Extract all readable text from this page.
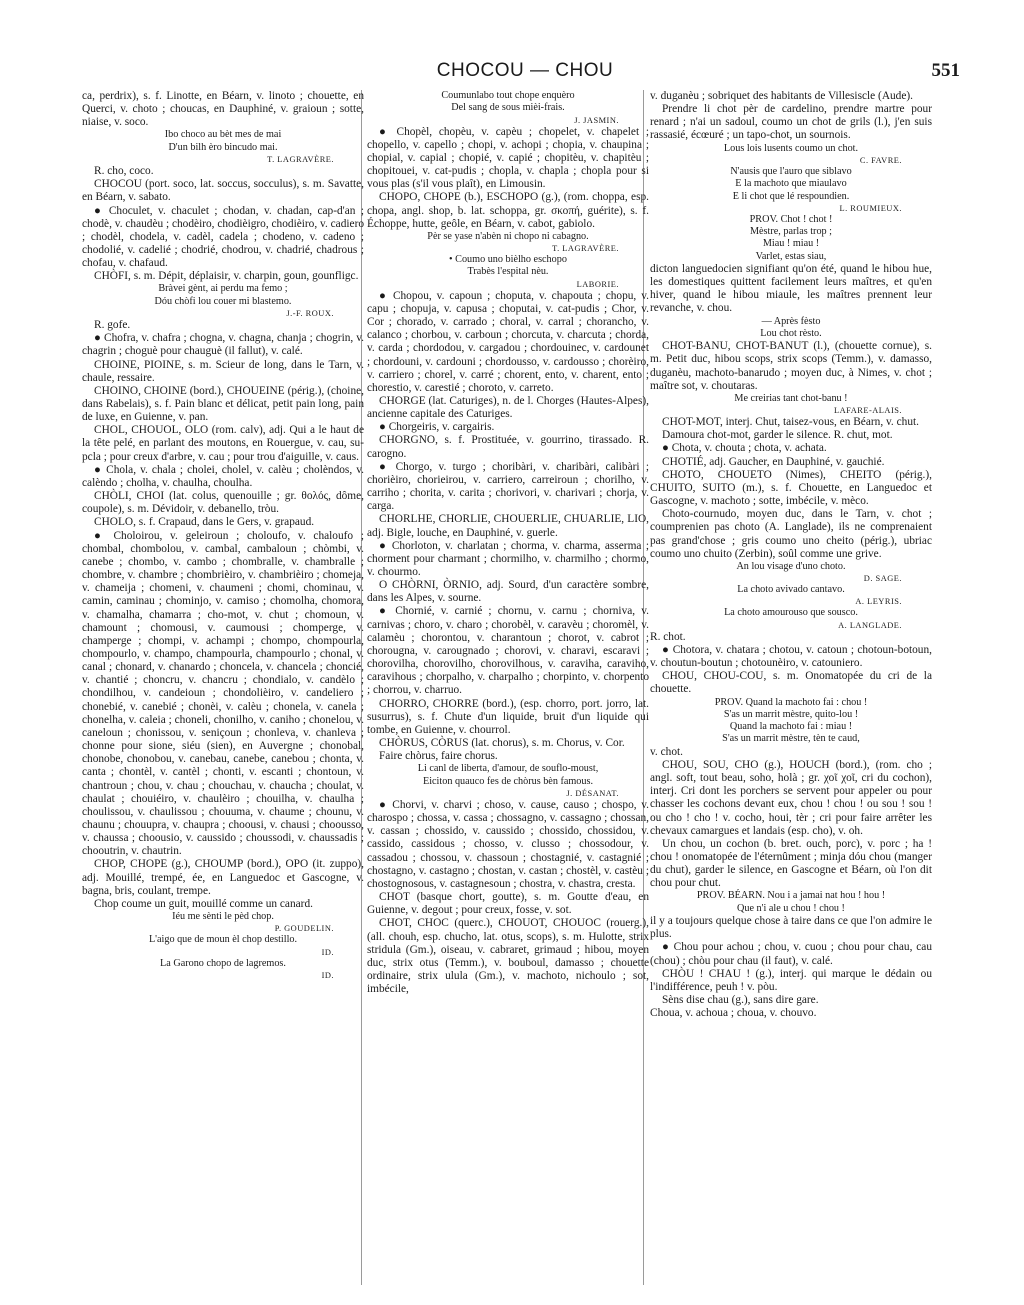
CHOCOU — CHOU	551

ca, perdrix), s. f. Linotte, en Béarn, v. linoto ; chouette, en Querci, v. choto ; choucas, en Dauphiné, v. graioun ; sotte, niaise, v. soco.

Ibo choco au bèt mes de mai

D'un bilh èro bincudo mai.

T. LAGRAVÈRE.

R. cho, coco.

CHOCOU (port. soco, lat. soccus, socculus), s. m. Savatte, en Béarn, v. sabato.

● Choculet, v. chaculet ; chodan, v. chadan, cap-d'an ; chodè, v. chaudèu ; chodèiro, chodièigro, chodièiro, v. cadiero ; chodèl, chodela, v. cadèl, cadela ; chodeno, v. cadeno ; chodolié, v. cadelié ; chodrié, chodrou, v. chadrié, chadrous ; chofau, v. chafaud.

CHÒFI, s. m. Dépit, déplaisir, v. charpin, goun, gounfligc.

Bràvei gènt, ai perdu ma femo ;

Dóu chòfi lou couer mi blastemo.

J.-F. ROUX.

R. gofe.

● Chofra, v. chafra ; chogna, v. chagna, chanja ; chogrin, v. chagrin ; choguè pour chauguè (il fallut), v. calé.

CHOINE, PIOINE, s. m. Scieur de long, dans le Tarn, v. chaule, ressaire.

CHOINO, CHOINE (bord.), CHOUEINE (périg.), (choine, dans Rabelais), s. f. Pain blanc et délicat, petit pain long, pain de luxe, en Guienne, v. pan.

CHOL, CHOUOL, OLO (rom. calv), adj. Qui a le haut de la tête pelé, en parlant des moutons, en Rouergue, v. cau, su-pcla ; pour creux d'arbre, v. cau ; pour trou d'aiguille, v. caus.

● Chola, v. chala ; cholei, cholel, v. calèu ; cholèndos, v. calèndo ; cholha, v. chaulha, choulha.

CHÒLI, CHOI (lat. colus, quenouille ; gr. θολός, dôme, coupole), s. m. Dévidoir, v. debanello, tròu.

CHOLO, s. f. Crapaud, dans le Gers, v. grapaud.

● Choloirou, v. geleiroun ; choloufo, v. chaloufo ; chombal, chombolou, v. cambal, cambaloun ; chòmbi, v. canebe ; chombo, v. cambo ; chombralle, v. chambralle ; chombre, v. chambre ; chombrièiro, v. chambrièiro ; chomeja, v. chameija ; chomeni, v. chaumeni ; chomi, chominau, v. camin, caminau ; chominjo, v. camiso ; chomolha, chomora, v. chamalha, chamarra ; cho-mot, v. chut ; chomoun, v. chamount ; chomousi, v. caumousi ; chomperge, v. champerge ; chompi, v. achampi ; chompo, chompourla, chompourlo, v. champo, champourla, champourlo ; chonal, v. canal ; chonard, v. chanardo ; choncela, v. chancela ; choncié, v. chantié ; choncru, v. chancru ; chondialo, v. candèlo ; chondilhou, v. candeioun ; chondolièiro, v. candeliero ; chonebié, v. canebié ; chonèi, v. calèu ; chonela, v. canela ; chonelha, v. caleia ; choneli, chonilho, v. caniho ; chonelou, v. caneloun ; chonissou, v. seniçoun ; chonleva, v. chanleva ; chonne pour sione, siéu (sien), en Auvergne ; chonobal, chonobe, chonobou, v. canebau, canebe, canebou ; chonta, v. canta ; chontèl, v. cantèl ; chonti, v. escanti ; chontoun, v. chantroun ; chou, v. chau ; chouchau, v. chaucha ; choulat, v. chaulat ; chouiéiro, v. chaulèiro ; chouilha, v. chaulha ; choulissou, v. chaulissou ; chouuma, v. chaume ; chounu, v. chaunu ; chouupra, v. chaupra ; choousi, v. chausi ; choousso, v. chaussa ; choousio, v. caussido ; choussodi, v. chaussadis ; chooutrin, v. chautrin.

CHOP, CHOPE (g.), CHOUMP (bord.), OPO (it. zuppo), adj. Mouillé, trempé, ée, en Languedoc et Gascogne, v. bagna, bris, coulant, trempe.

Chop coume un guit, mouillé comme un canard.

Iéu me sènti le pèd chop.

P. GOUDELIN.

L'aigo que de moun èl chop destillo.

ID.

La Garono chopo de lagremos.

ID.

Coumunlabo tout chope enquèro

Del sang de sous mièi-frais.

J. JASMIN.

● Chopèl, chopèu, v. capèu ; chopelet, v. chapelet ; chopello, v. capello ; chopi, v. achopi ; chopia, v. chaupina ; chopial, v. capial ; chopié, v. capié ; chopitèu, v. chapitèu ; chopitouei, v. cat-pudis ; chopla, v. chapla ; chopla pour si vous plas (s'il vous plaît), en Limousin.

CHOPO, CHOPE (b.), ESCHOPO (g.), (rom. choppa, esp. chopa, angl. shop, b. lat. schoppa, gr. σκοπή, guérite), s. f. Échoppe, hutte, geôle, en Béarn, v. cabot, gabiolo.

Pèr se yase n'abèn ni chopo ni cabagno.

T. LAGRAVÈRE.

• Coumo uno bièlho eschopo

Trabès l'espital nèu.

LABORIE.

● Chopou, v. capoun ; choputa, v. chapouta ; chopu, v. capu ; chopuja, v. capusa ; choputai, v. cat-pudis ; Chor, v. Cor ; chorado, v. carrado ; choral, v. carral ; chorancho, v. calanco ; chorbou, v. carboun ; chorcuta, v. charcuta ; chorda, v. carda ; chordodou, v. cargadou ; chordouinec, v. cardounet ; chordouni, v. cardouni ; chordousso, v. cardousso ; chorèiro, v. carriero ; chorel, v. carré ; chorent, ento, v. charent, ento ; chorestio, v. carestié ; choroto, v. carreto.

CHORGE (lat. Caturiges), n. de l. Chorges (Hautes-Alpes), ancienne capitale des Caturiges.

● Chorgeiris, v. cargairis.

CHORGNO, s. f. Prostituée, v. gourrino, tirassado. R. carogno.

● Chorgo, v. turgo ; choribàri, v. charibàri, calibàri ; chorièiro, chorieirou, v. carriero, carreiroun ; chorilho, v. carriho ; chorita, v. carita ; chorivori, v. charivari ; chorja, v. carga.

CHORLHE, CHORLIE, CHOUERLIE, CHUARLIE, LIO, adj. Bigle, louche, en Dauphiné, v. guerle.

● Chorloton, v. charlatan ; chorma, v. charma, asserma ; chorment pour charmant ; chormilho, v. charmilho ; chormo, v. chourmo.

O CHÒRNI, ÒRNIO, adj. Sourd, d'un caractère sombre, dans les Alpes, v. sourne.

● Chornié, v. carnié ; chornu, v. carnu ; chorniva, v. carnivas ; choro, v. charo ; chorobèl, v. caravèu ; choromèl, v. calamèu ; chorontou, v. charantoun ; chorot, v. cabrot ; chorougna, v. carougnado ; chorovi, v. charavi, escaravi ; chorovilha, chorovilho, chorovilhous, v. caraviha, caraviho, caravihous ; chorpalho, v. charpalho ; chorpinto, v. chorpento ; chorrou, v. charruo.

CHORRO, CHORRE (bord.), (esp. chorro, port. jorro, lat. susurrus), s. f. Chute d'un liquide, bruit d'un liquide qui tombe, en Guienne, v. chourrol.

CHÒRUS, CÒRUS (lat. chorus), s. m. Chorus, v. Cor.

Faire chòrus, faire chorus.

Li canl de liberta, d'amour, de souflo-moust,

Eiciton quauco fes de chòrus bèn famous.

J. DÉSANAT.

● Chorvi, v. charvi ; choso, v. cause, causo ; chospo, v. charospo ; chossa, v. cassa ; chossagno, v. cassagno ; chossan, v. cassan ; chossido, v. caussido ; chossido, chossidou, v. cassido, cassidous ; chosso, v. clusso ; chossodour, v. cassadou ; chossou, v. chassoun ; chostagnié, v. castagnié ; chostagno, v. castagno ; chostan, v. castan ; chostèl, v. castèu ; chostognosous, v. castagnesoun ; chostra, v. chastra, cresta.

CHOT (basque chort, goutte), s. m. Goutte d'eau, en Guienne, v. degout ; pour creux, fosse, v. sot.

CHOT, CHOC (querc.), CHOUOT, CHOUOC (rouerg.), (all. chouh, esp. chucho, lat. otus, scops), s. m. Hulotte, strix stridula (Gm.), oiseau, v. cabraret, grimaud ; hibou, moyen duc, strix otus (Temm.), v. bouboul, damasso ; chouette ordinaire, strix ulula (Gm.), v. machoto, nichoulo ; sot, imbécile,

v. duganèu ; sobriquet des habitants de Villesiscle (Aude).

Prendre li chot pèr de cardelino, prendre martre pour renard ; n'ai un sadoul, coumo un chot de grils (l.), j'en suis rassasié, écœuré ; un tapo-chot, un sournois.

Lous lois lusents coumo un chot.

C. FAVRE.

N'ausis que l'auro que siblavo

E la machoto que miaulavo

E li chot que lé respoundien.

L. ROUMIEUX.

PROV. Chot ! chot !

Mèstre, parlas trop ;

Miau ! miau !

Varlet, estas siau,

dicton languedocien signifiant qu'on été, quand le hibou hue, les domestiques quittent facilement leurs maîtres, et qu'en hiver, quand le hibou miaule, les maîtres prennent leur revanche, v. chou.

— Après fèsto

Lou chot rèsto.

CHOT-BANU, CHOT-BANUT (l.), (chouette cornue), s. m. Petit duc, hibou scops, strix scops (Temm.), v. damasso, duganèu, machoto-banarudo ; moyen duc, à Nimes, v. chot ; maître sot, v. choutaras.

Me creirias tant chot-banu !

LAFARE-ALAIS.

CHOT-MOT, interj. Chut, taisez-vous, en Béarn, v. chut.

Damoura chot-mot, garder le silence. R. chut, mot.

● Chota, v. chouta ; chota, v. achata.

CHOTIÉ, adj. Gaucher, en Dauphiné, v. gauchié.

CHOTO, CHOUETO (Nimes), CHEITO (périg.), CHUITO, SUITO (m.), s. f. Chouette, en Languedoc et Gascogne, v. machoto ; sotte, imbécile, v. mèco.

Choto-cournudo, moyen duc, dans le Tarn, v. chot ; coumprenien pas choto (A. Langlade), ils ne comprenaient pas grand'chose ; gris coumo uno cheito (périg.), ubriac coumo uno chuito (Zerbin), soûl comme une grive.

An lou visage d'uno choto.

D. SAGE.

La choto avivado cantavo.

A. LEYRIS.

La choto amourouso que sousco.

A. LANGLADE.

R. chot.

● Chotora, v. chatara ; chotou, v. catoun ; chotoun-botoun, v. choutun-boutun ; chotounèiro, v. catouniero.

CHOU, CHOU-COU, s. m. Onomatopée du cri de la chouette.

PROV. Quand la machoto fai : chou !

S'as un marrit mèstre, quito-lou !

Quand la machoto fai : miau !

S'as un marrit mèstre, tèn te caud,

v. chot.

CHOU, SOU, CHO (g.), HOUCH (bord.), (rom. cho ; angl. soft, tout beau, soho, holà ; gr. χοῖ χοῖ, cri du cochon), interj. Cri dont les porchers se servent pour appeler ou pour chasser les cochons devant eux, chou ! chou ! ou sou ! sou ! ou cho ! cho ! v. cocho, houi, tèr ; cri pour faire arrêter les chevaux camargues et landais (esp. cho), v. oh.

Un chou, un cochon (b. bret. ouch, porc), v. porc ; ha ! chou ! onomatopée de l'éternûment ; minja dóu chou (manger du chut), garder le silence, en Gascogne et Béarn, où l'on dit chou pour chut.

PROV. BÉARN. Nou i a jamai nat hou ! hou !

Que n'i ale u chou ! chou !

il y a toujours quelque chose à taire dans ce que l'on admire le plus.

● Chou pour achou ; chou, v. cuou ; chou pour chau, cau (chou) ; chòu pour chau (il faut), v. calé.

CHÒU ! CHAU ! (g.), interj. qui marque le dédain ou l'indifférence, peuh ! v. pòu.

Sèns dise chau (g.), sans dire gare.

Choua, v. achoua ; choua, v. chouvo.
